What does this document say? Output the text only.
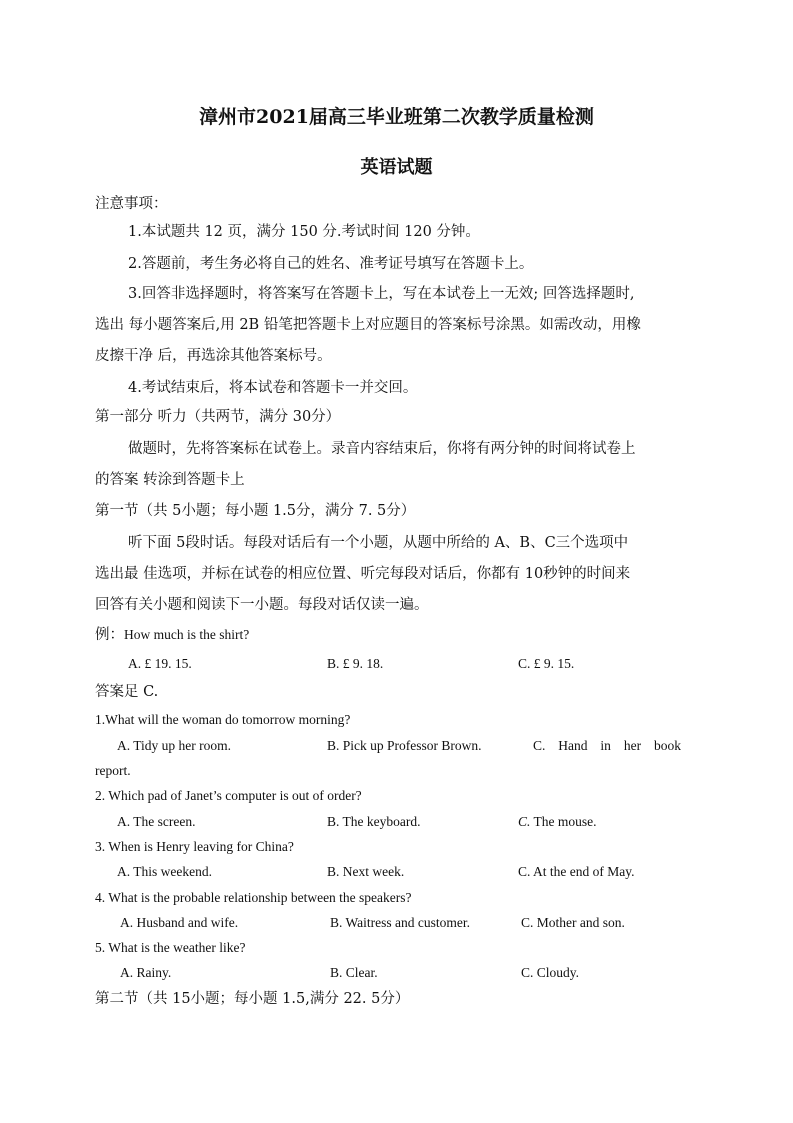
漳州市2021届高三毕业班第二次教学质量检测
英语试题
注意事项：
1.本试题共 12 页，满分 150 分.考试时间 120 分钟。
2.答题前，考生务必将自己的姓名、准考证号填写在答题卡上。
3.回答非选择题时，将答案写在答题卡上，写在本试卷上一无效; 回答选择题时,
选出 每小题答案后,用 2B 铅笔把答题卡上对应题目的答案标号涂黑。如需改动，用橡
皮擦干净 后，再选涂其他答案标号。
4.考试结束后，将本试卷和答题卡一并交回。
第一部分 听力（共两节，满分 30分）
做题时，先将答案标在试卷上。录音内容结束后，你将有两分钟的时间将试卷上
的答案 转涂到答题卡上
第一节（共 5小题；每小题 1.5分，满分 7. 5分）
听下面 5段时话。每段对话后有一个小题，从题中所给的 A、B、C三个选项中
选出最 佳选项，并标在试卷的相应位置、听完每段对话后，你都有 10秒钟的时间来
回答有关小题和阅读下一小题。每段对话仅读一遍。
例：How much is the shirt?
A. £ 19. 15.	B. £ 9. 18.	C. £ 9. 15.
答案足 C.
1.What will the woman do tomorrow morning?
A. Tidy up her room.	B. Pick up Professor Brown.	C. Hand in her book
report.
2. Which pad of Janet’s computer is out of order?
A. The screen.	B. The keyboard.	C. The mouse.
3. When is Henry leaving for China?
A. This weekend.	B. Next week.	C. At the end of May.
4. What is the probable relationship between the speakers?
A. Husband and wife.	B. Waitress and customer.	C. Mother and son.
5. What is the weather like?
A. Rainy.	B. Clear.	C. Cloudy.
第二节（共 15小题；每小题 1.5,满分 22. 5分）
